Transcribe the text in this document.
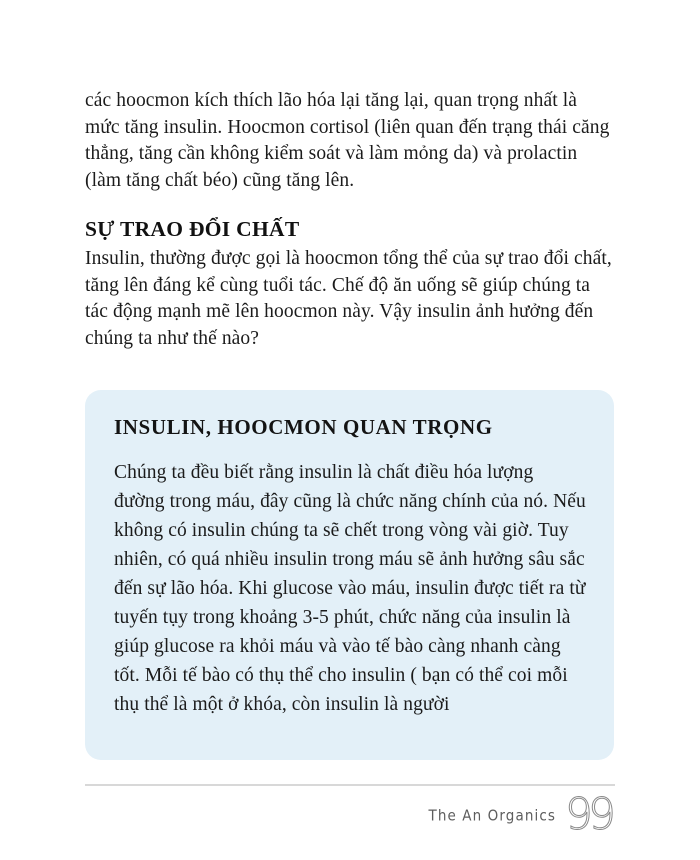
các hoocmon kích thích lão hóa lại tăng lại, quan trọng nhất là mức tăng insulin. Hoocmon cortisol (liên quan đến trạng thái căng thẳng, tăng cần không kiểm soát và làm mỏng da) và prolactin (làm tăng chất béo) cũng tăng lên.

SỰ TRAO ĐỔI CHẤT

Insulin, thường được gọi là hoocmon tổng thể của sự trao đổi chất, tăng lên đáng kể cùng tuổi tác. Chế độ ăn uống sẽ giúp chúng ta tác động mạnh mẽ lên hoocmon này. Vậy insulin ảnh hưởng đến chúng ta như thế nào?

INSULIN, HOOCMON QUAN TRỌNG

Chúng ta đều biết rằng insulin là chất điều hóa lượng đường trong máu, đây cũng là chức năng chính của nó. Nếu không có insulin chúng ta sẽ chết trong vòng vài giờ. Tuy nhiên, có quá nhiều insulin trong máu sẽ ảnh hưởng sâu sắc đến sự lão hóa. Khi glucose vào máu, insulin được tiết ra từ tuyến tụy trong khoảng 3-5 phút, chức năng của insulin là giúp glucose ra khỏi máu và vào tế bào càng nhanh càng tốt. Mỗi tế bào có thụ thể cho insulin ( bạn có thể coi mỗi thụ thể là một ở khóa, còn insulin là người

The An Organics 99
